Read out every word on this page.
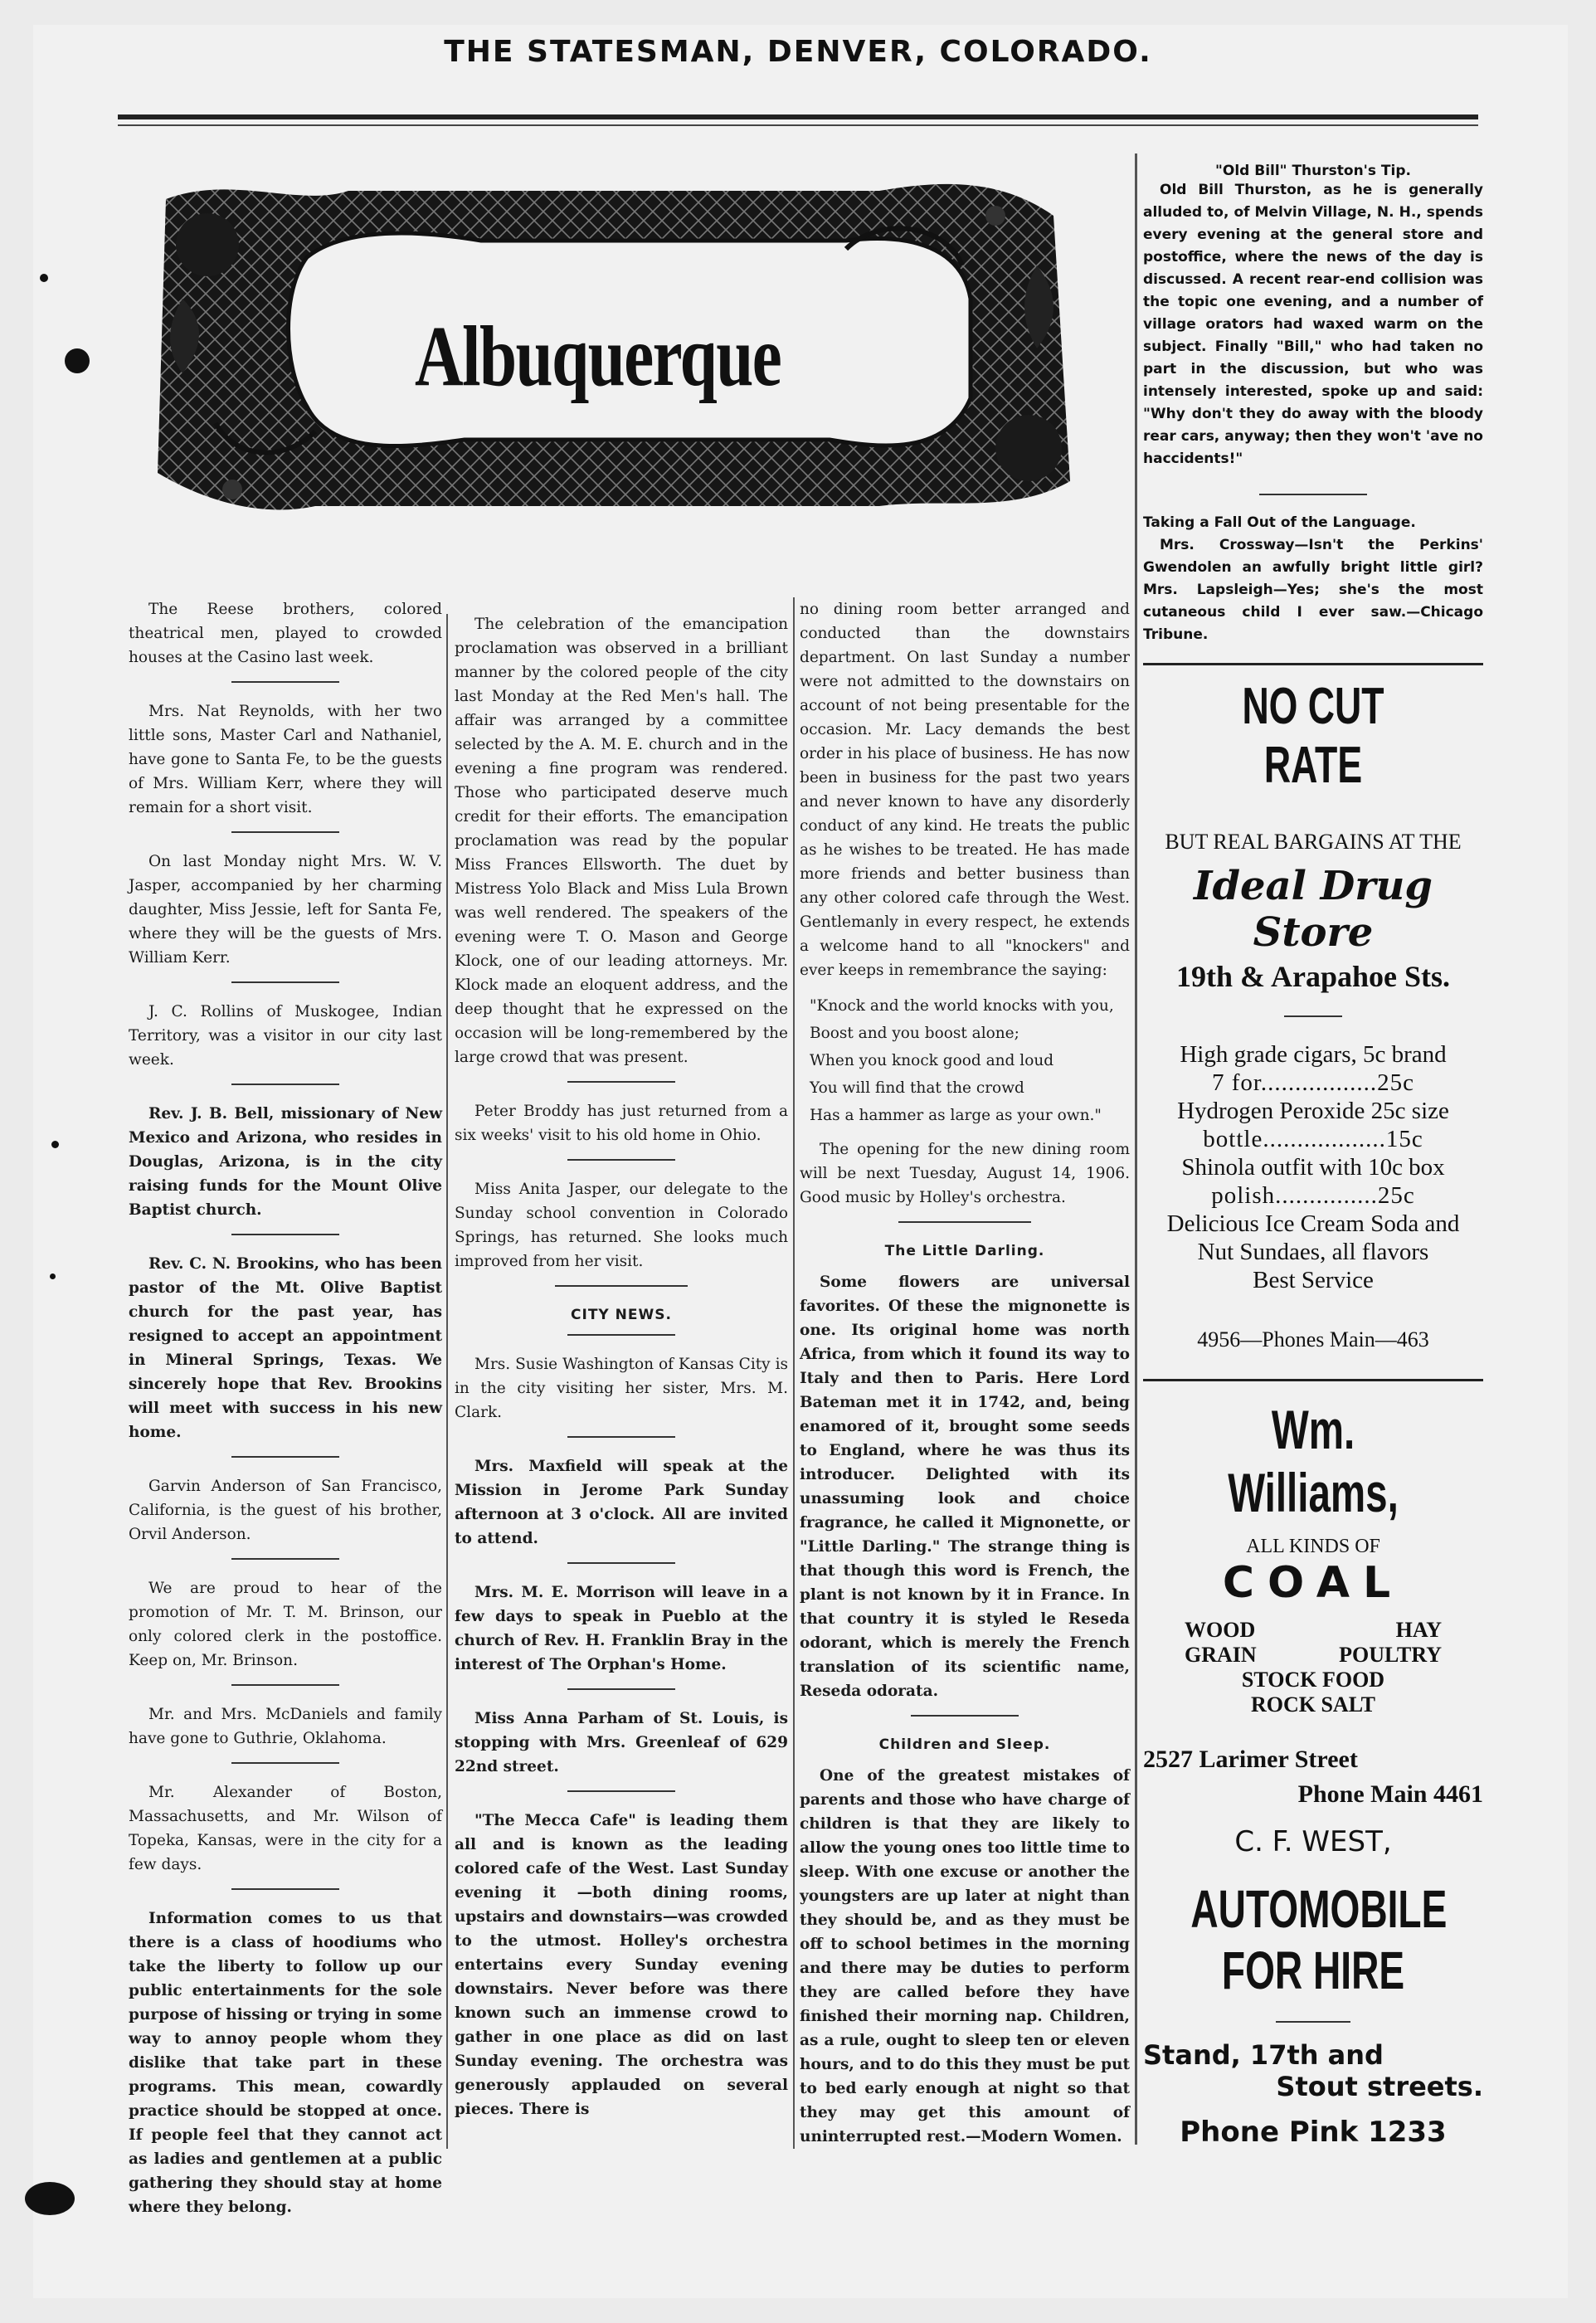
THE STATESMAN, DENVER, COLORADO.
Albuquerque

The Reese brothers, colored theatrical men, played to crowded houses at the Casino last week.

Mrs. Nat Reynolds, with her two little sons, Master Carl and Nathaniel, have gone to Santa Fe, to be the guests of Mrs. William Kerr, where they will remain for a short visit.

On last Monday night Mrs. W. V. Jasper, accompanied by her charming daughter, Miss Jessie, left for Santa Fe, where they will be the guests of Mrs. William Kerr.

J. C. Rollins of Muskogee, Indian Territory, was a visitor in our city last week.

Rev. J. B. Bell, missionary of New Mexico and Arizona, who resides in Douglas, Arizona, is in the city raising funds for the Mount Olive Baptist church.

Rev. C. N. Brookins, who has been pastor of the Mt. Olive Baptist church for the past year, has resigned to accept an appointment in Mineral Springs, Texas. We sincerely hope that Rev. Brookins will meet with success in his new home.

Garvin Anderson of San Francisco, California, is the guest of his brother, Orvil Anderson.

We are proud to hear of the promotion of Mr. T. M. Brinson, our only colored clerk in the postoffice. Keep on, Mr. Brinson.

Mr. and Mrs. McDaniels and family have gone to Guthrie, Oklahoma.

Mr. Alexander of Boston, Massachusetts, and Mr. Wilson of Topeka, Kansas, were in the city for a few days.

Information comes to us that there is a class of hoodiums who take the liberty to follow up our public entertainments for the sole purpose of hissing or trying in some way to annoy people whom they dislike that take part in these programs. This mean, cowardly practice should be stopped at once. If people feel that they cannot act as ladies and gentlemen at a public gathering they should stay at home where they belong.

The celebration of the emancipation proclamation was observed in a brilliant manner by the colored people of the city last Monday at the Red Men's hall. The affair was arranged by a committee selected by the A. M. E. church and in the evening a fine program was rendered. Those who participated deserve much credit for their efforts. The emancipation proclamation was read by the popular Miss Frances Ellsworth. The duet by Mistress Yolo Black and Miss Lula Brown was well rendered. The speakers of the evening were T. O. Mason and George Klock, one of our leading attorneys. Mr. Klock made an eloquent address, and the deep thought that he expressed on the occasion will be long-remembered by the large crowd that was present.

Peter Broddy has just returned from a six weeks' visit to his old home in Ohio.

Miss Anita Jasper, our delegate to the Sunday school convention in Colorado Springs, has returned. She looks much improved from her visit.

CITY NEWS.

Mrs. Susie Washington of Kansas City is in the city visiting her sister, Mrs. M. Clark.

Mrs. Maxfield will speak at the Mission in Jerome Park Sunday afternoon at 3 o'clock. All are invited to attend.

Mrs. M. E. Morrison will leave in a few days to speak in Pueblo at the church of Rev. H. Franklin Bray in the interest of The Orphan's Home.

Miss Anna Parham of St. Louis, is stopping with Mrs. Greenleaf of 629 22nd street.

"The Mecca Cafe" is leading them all and is known as the leading colored cafe of the West. Last Sunday evening it —both dining rooms, upstairs and downstairs—was crowded to the utmost. Holley's orchestra entertains every Sunday evening downstairs. Never before was there known such an immense crowd to gather in one place as did on last Sunday evening. The orchestra was generously applauded on several pieces. There is

no dining room better arranged and conducted than the downstairs department. On last Sunday a number were not admitted to the downstairs on account of not being presentable for the occasion. Mr. Lacy demands the best order in his place of business. He has now been in business for the past two years and never known to have any disorderly conduct of any kind. He treats the public as he wishes to be treated. He has made more friends and better business than any other colored cafe through the West. Gentlemanly in every respect, he extends a welcome hand to all "knockers" and ever keeps in remembrance the saying:

"Knock and the world knocks with you,
Boost and you boost alone;
When you knock good and loud
You will find that the crowd
Has a hammer as large as your own."

The opening for the new dining room will be next Tuesday, August 14, 1906. Good music by Holley's orchestra.

The Little Darling.

Some flowers are universal favorites. Of these the mignonette is one. Its original home was north Africa, from which it found its way to Italy and then to Paris. Here Lord Bateman met it in 1742, and, being enamored of it, brought some seeds to England, where he was thus its introducer. Delighted with its unassuming look and choice fragrance, he called it Mignonette, or "Little Darling." The strange thing is that though this word is French, the plant is not known by it in France. In that country it is styled le Reseda odorant, which is merely the French translation of its scientific name, Reseda odorata.

Children and Sleep.

One of the greatest mistakes of parents and those who have charge of children is that they are likely to allow the young ones too little time to sleep. With one excuse or another the youngsters are up later at night than they should be, and as they must be off to school betimes in the morning and there may be duties to perform they are called before they have finished their morning nap. Children, as a rule, ought to sleep ten or eleven hours, and to do this they must be put to bed early enough at night so that they may get this amount of uninterrupted rest.—Modern Women.

"Old Bill" Thurston's Tip.
Old Bill Thurston, as he is generally alluded to, of Melvin Village, N. H., spends every evening at the general store and postoffice, where the news of the day is discussed. A recent rear-end collision was the topic one evening, and a number of village orators had waxed warm on the subject. Finally "Bill," who had taken no part in the discussion, but who was intensely interested, spoke up and said: "Why don't they do away with the bloody rear cars, anyway; then they won't 'ave no haccidents!"
Taking a Fall Out of the Language.
Mrs. Crossway—Isn't the Perkins' Gwendolen an awfully bright little girl? Mrs. Lapsleigh—Yes; she's the most cutaneous child I ever saw.—Chicago Tribune.
NO CUT RATE
BUT REAL BARGAINS AT THE
Ideal Drug Store
19th & Arapahoe Sts.
High grade cigars, 5c brand
7 for.................25c
Hydrogen Peroxide 25c size
bottle..................15c
Shinola outfit with 10c box
polish...............25c
Delicious Ice Cream Soda and
Nut Sundaes, all flavors
Best Service
4956—Phones Main—463
Wm. Williams,
ALL KINDS OF
COAL
WOOD	HAY
GRAIN	POULTRY
STOCK FOOD
ROCK SALT
2527 Larimer Street
Phone Main 4461
C. F. WEST,
AUTOMOBILE
FOR HIRE
Stand, 17th and
Stout streets.
Phone Pink 1233
